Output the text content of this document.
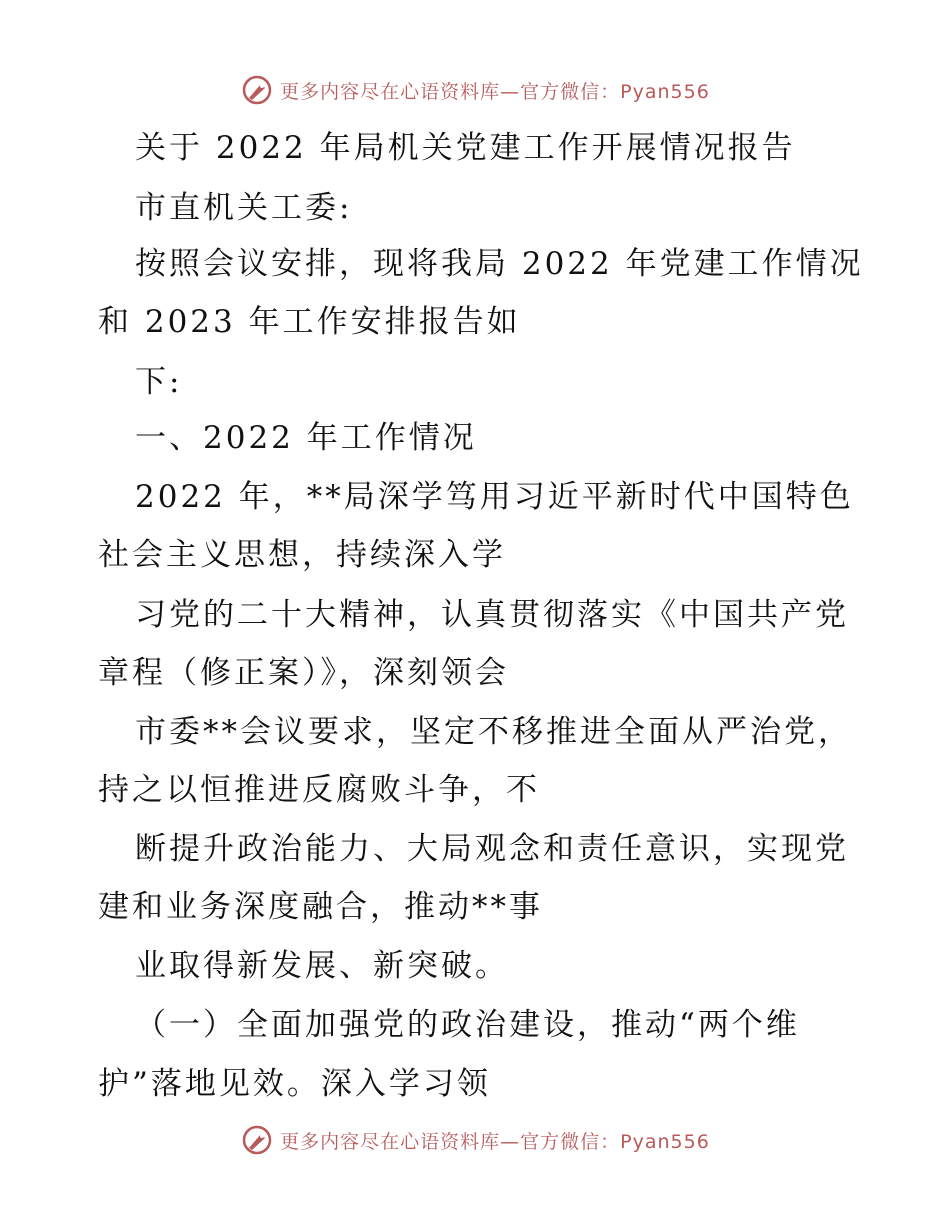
更多内容尽在心语资料库—官方微信：Pyan556
关于 2022 年局机关党建工作开展情况报告
市直机关工委:
按照会议安排，现将我局 2022 年党建工作情况
和 2023 年工作安排报告如
下:
一、2022 年工作情况
2022 年，**局深学笃用习近平新时代中国特色
社会主义思想，持续深入学
习党的二十大精神，认真贯彻落实《中国共产党
章程（修正案）》，深刻领会
市委**会议要求，坚定不移推进全面从严治党，
持之以恒推进反腐败斗争，不
断提升政治能力、大局观念和责任意识，实现党
建和业务深度融合，推动**事
业取得新发展、新突破。
（一）全面加强党的政治建设，推动“两个维
护”落地见效。深入学习领
更多内容尽在心语资料库—官方微信：Pyan556
